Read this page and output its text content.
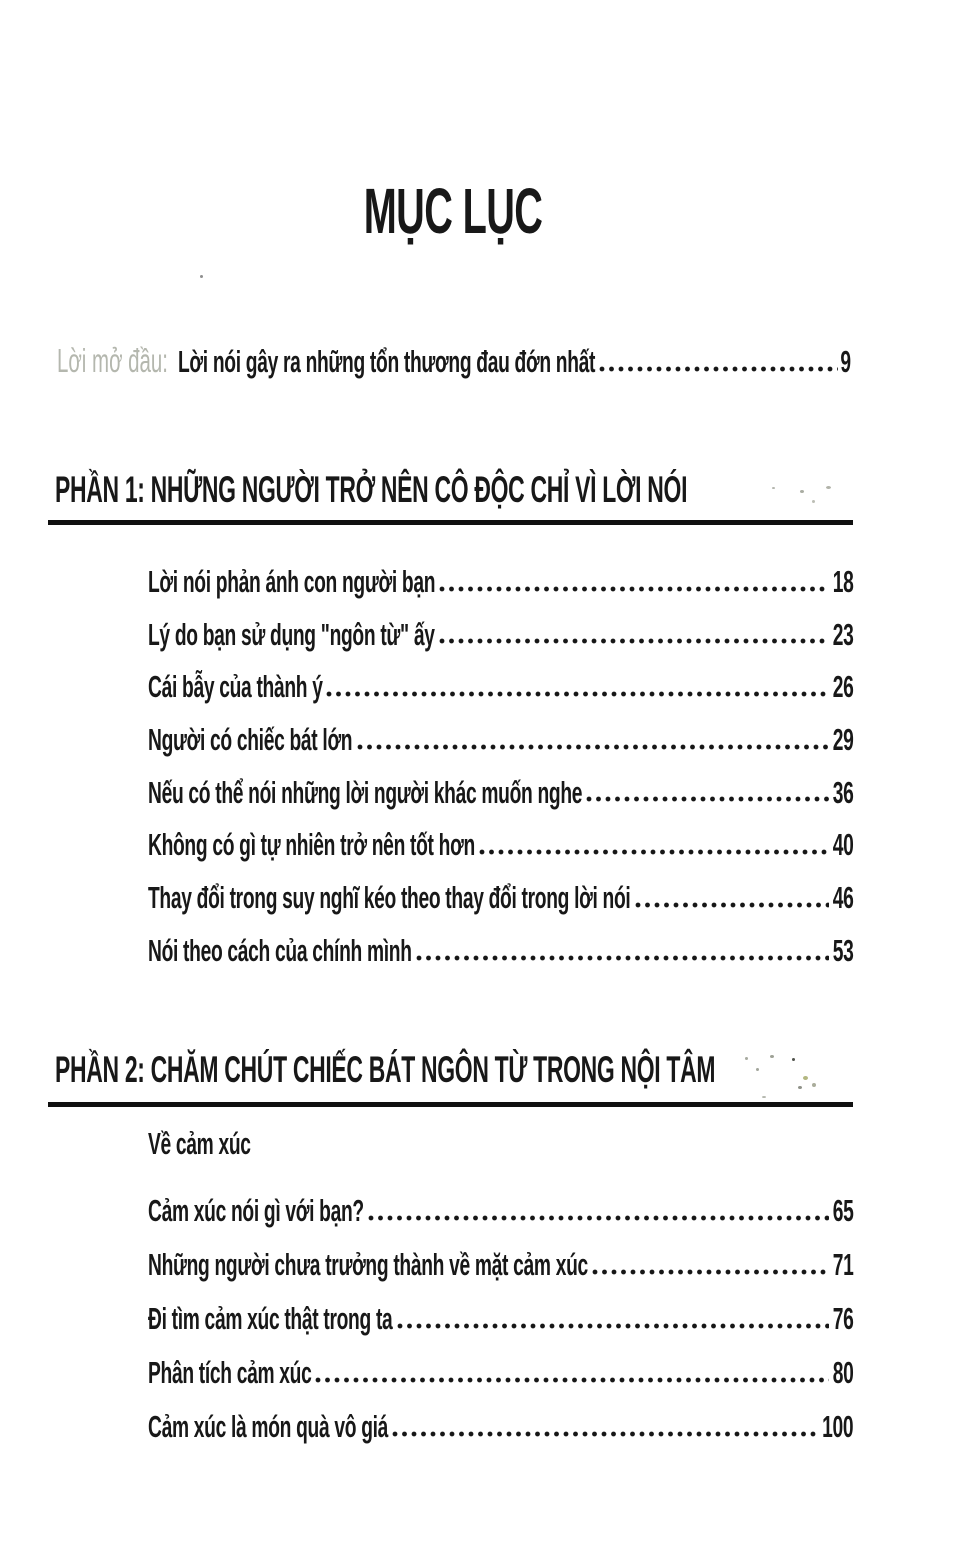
MỤC LỤC
Lời mở đầu: Lời nói gây ra những tổn thương đau đớn nhất	9
PHẦN 1: NHỮNG NGƯỜI TRỞ NÊN CÔ ĐỘC CHỈ VÌ LỜI NÓI
Lời nói phản ánh con người bạn	18
Lý do bạn sử dụng "ngôn từ" ấy	23
Cái bẫy của thành ý	26
Người có chiếc bát lớn	29
Nếu có thể nói những lời người khác muốn nghe	36
Không có gì tự nhiên trở nên tốt hơn	40
Thay đổi trong suy nghĩ kéo theo thay đổi trong lời nói	46
Nói theo cách của chính mình	53
PHẦN 2: CHĂM CHÚT CHIẾC BÁT NGÔN TỪ TRONG NỘI TÂM
Về cảm xúc
Cảm xúc nói gì với bạn?	65
Những người chưa trưởng thành về mặt cảm xúc	71
Đi tìm cảm xúc thật trong ta	76
Phân tích cảm xúc	80
Cảm xúc là món quà vô giá	100
